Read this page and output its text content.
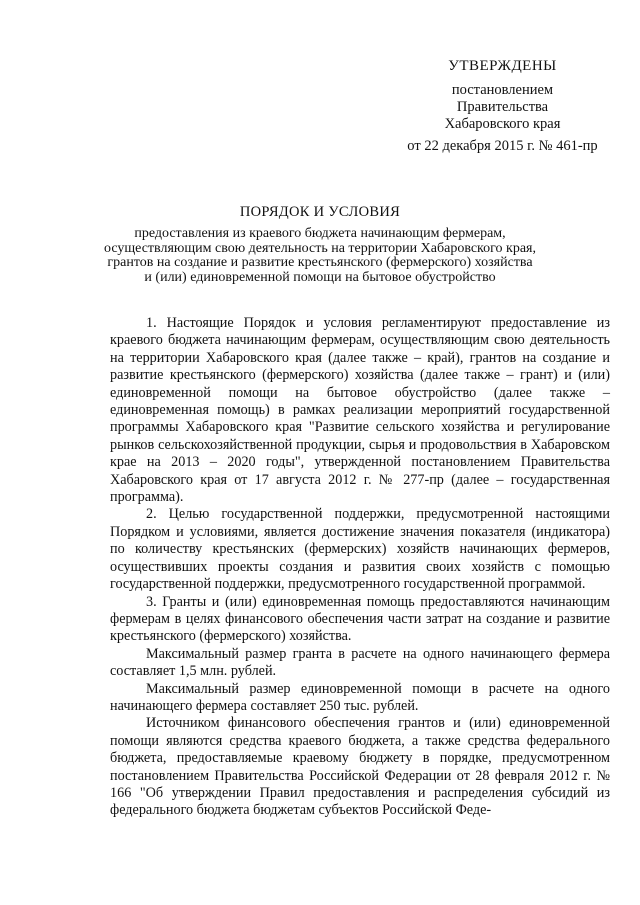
УТВЕРЖДЕНЫ
постановлением
Правительства
Хабаровского края
от 22 декабря 2015 г. № 461-пр
ПОРЯДОК И УСЛОВИЯ
предоставления из краевого бюджета начинающим фермерам,
осуществляющим свою деятельность на территории Хабаровского края,
грантов на создание и развитие крестьянского (фермерского) хозяйства
и (или) единовременной помощи на бытовое обустройство

1. Настоящие Порядок и условия регламентируют предоставление из краевого бюджета начинающим фермерам, осуществляющим свою деятельность на территории Хабаровского края (далее также – край), грантов на создание и развитие крестьянского (фермерского) хозяйства (далее также – грант) и (или) единовременной помощи на бытовое обустройство (далее также – единовременная помощь) в рамках реализации мероприятий государственной программы Хабаровского края "Развитие сельского хозяйства и регулирование рынков сельскохозяйственной продукции, сырья и продовольствия в Хабаровском крае на 2013 – 2020 годы", утвержденной постановлением Правительства Хабаровского края от 17 августа 2012 г. № 277-пр (далее – государственная программа).

2. Целью государственной поддержки, предусмотренной настоящими Порядком и условиями, является достижение значения показателя (индикатора) по количеству крестьянских (фермерских) хозяйств начинающих фермеров, осуществивших проекты создания и развития своих хозяйств с помощью государственной поддержки, предусмотренного государственной программой.

3. Гранты и (или) единовременная помощь предоставляются начинающим фермерам в целях финансового обеспечения части затрат на создание и развитие крестьянского (фермерского) хозяйства.

Максимальный размер гранта в расчете на одного начинающего фермера составляет 1,5 млн. рублей.

Максимальный размер единовременной помощи в расчете на одного начинающего фермера составляет 250 тыс. рублей.

Источником финансового обеспечения грантов и (или) единовременной помощи являются средства краевого бюджета, а также средства федерального бюджета, предоставляемые краевому бюджету в порядке, предусмотренном постановлением Правительства Российской Федерации от 28 февраля 2012 г. № 166 "Об утверждении Правил предоставления и распределения субсидий из федерального бюджета бюджетам субъектов Российской Феде-
